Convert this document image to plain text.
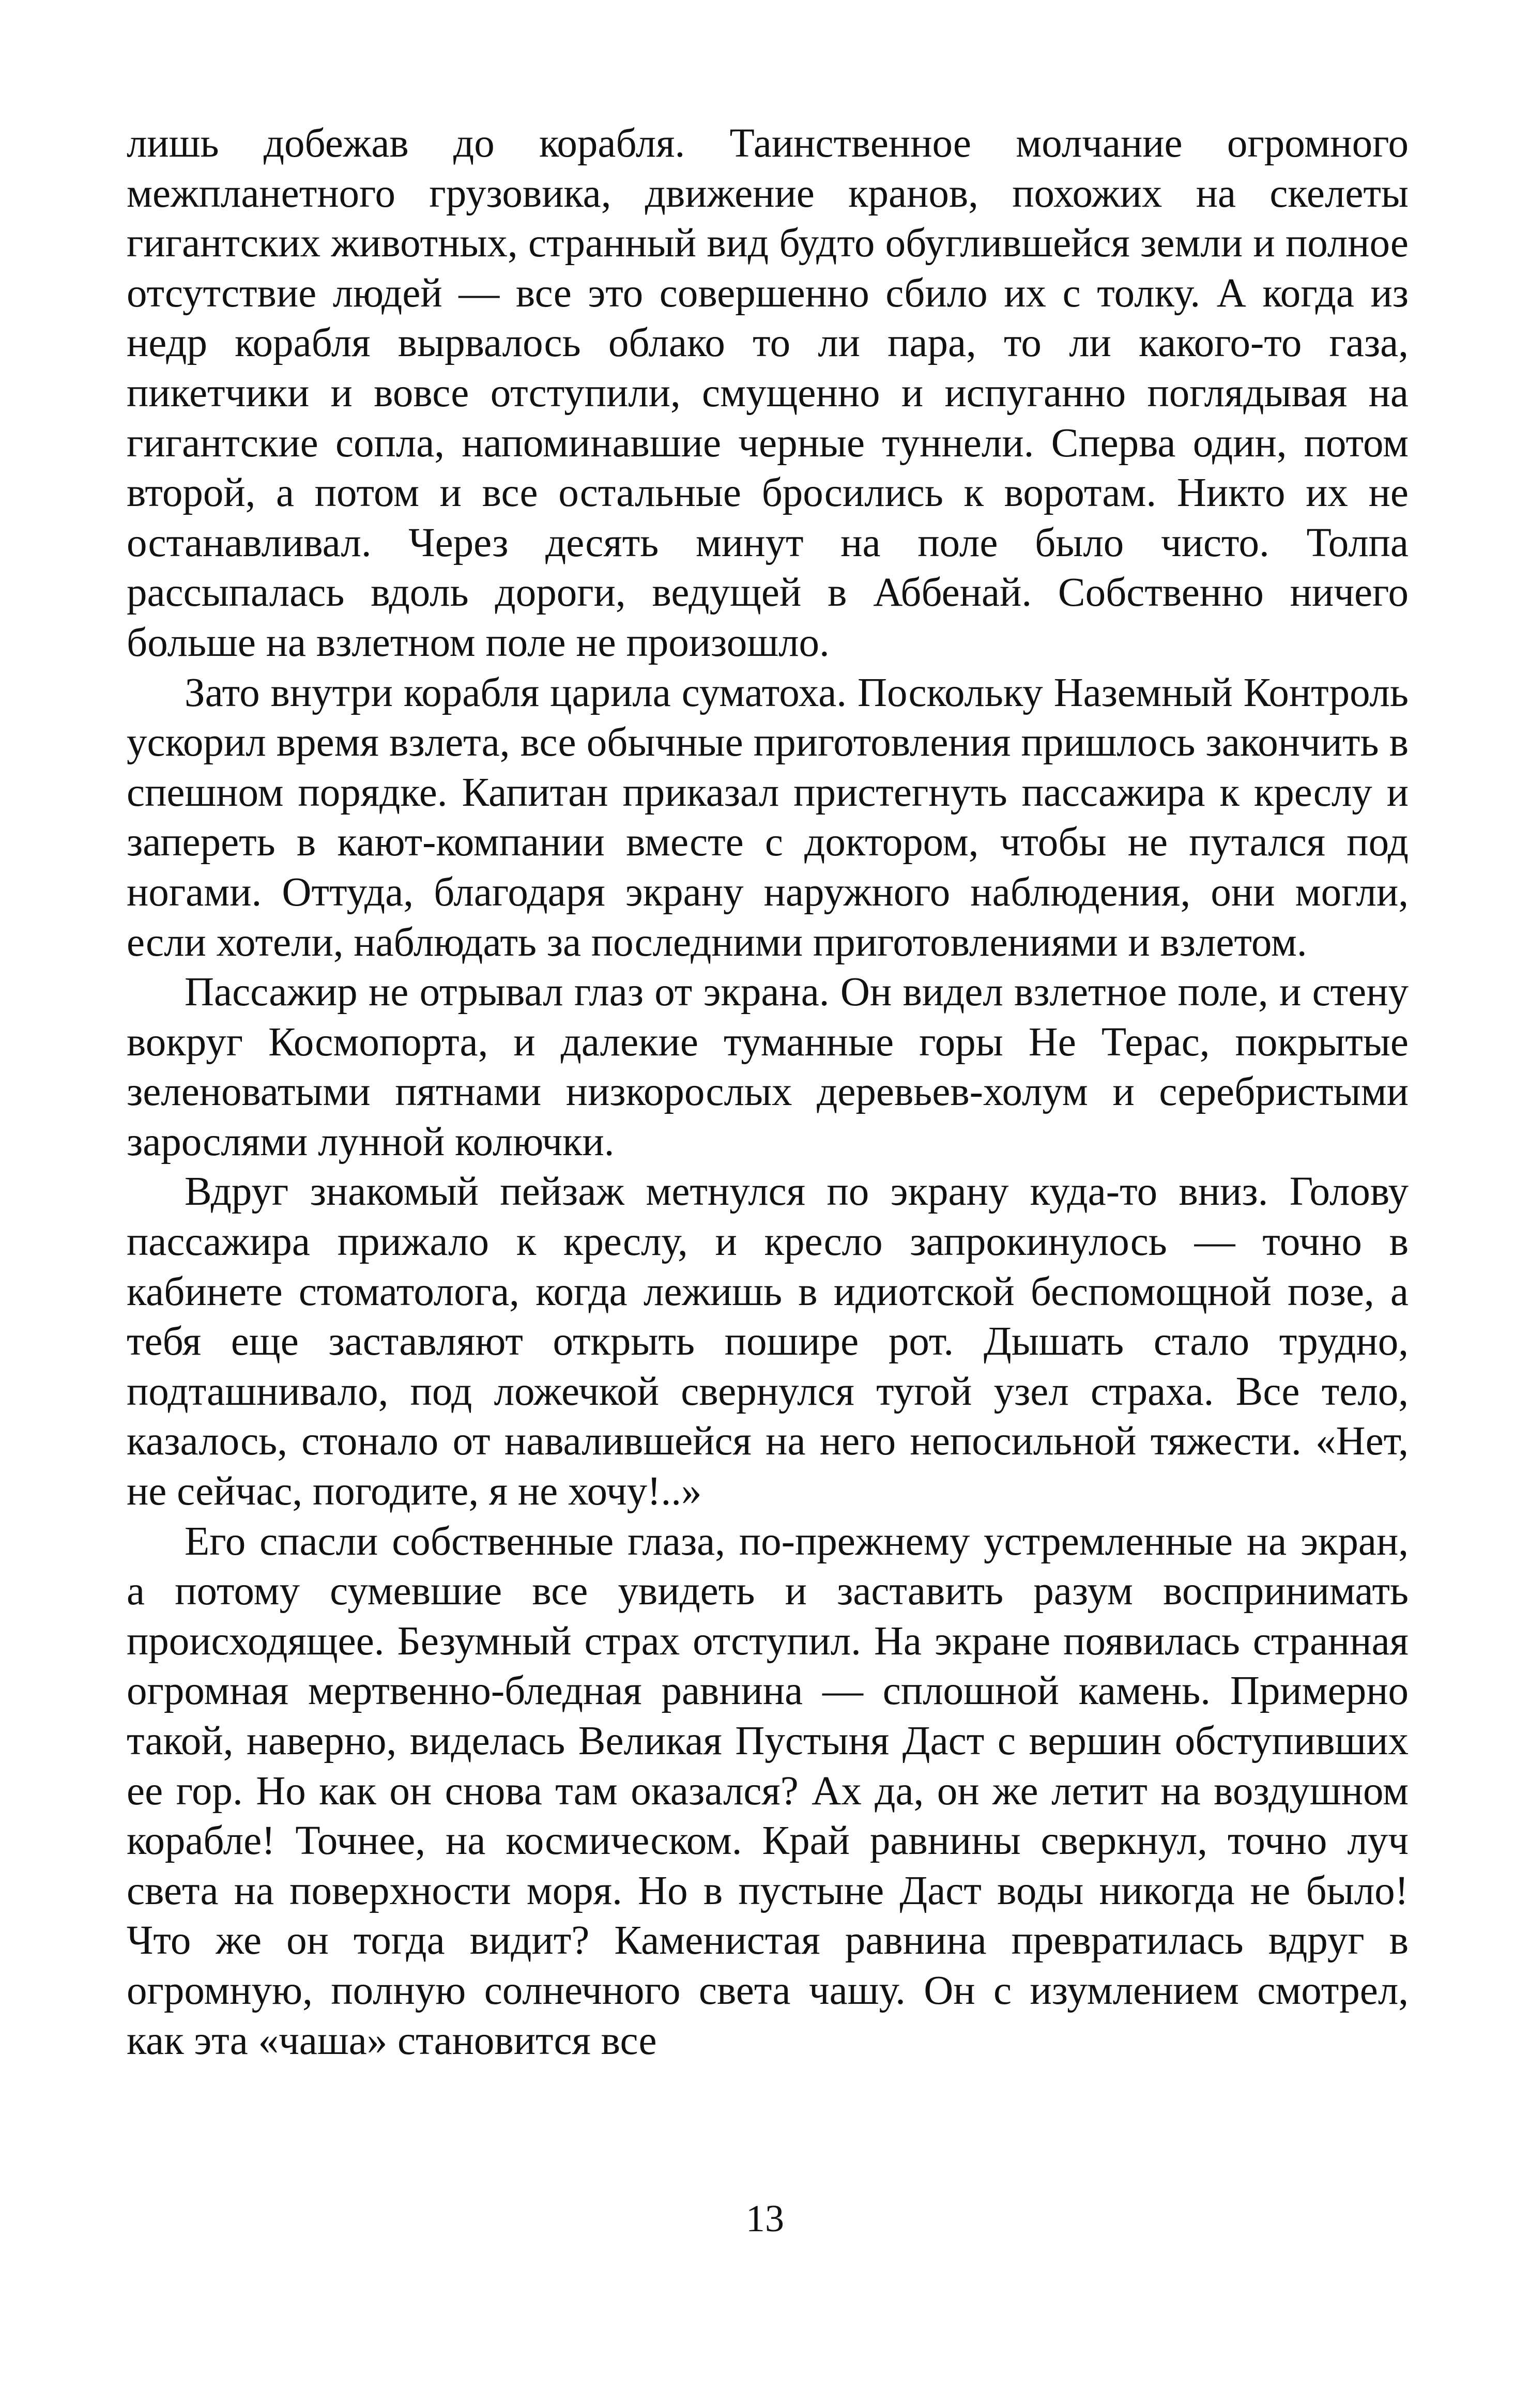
лишь добежав до корабля. Таинственное молчание огромного межпланетного грузовика, движение кранов, похожих на скелеты гигантских животных, странный вид будто обуглившейся земли и полное отсутствие людей — все это совершенно сбило их с толку. А когда из недр корабля вырвалось облако то ли пара, то ли какого-то газа, пикетчики и вовсе отступили, смущенно и испуганно поглядывая на гигантские сопла, напоминавшие черные туннели. Сперва один, потом второй, а потом и все остальные бросились к воротам. Никто их не останавливал. Через десять минут на поле было чисто. Толпа рассыпалась вдоль дороги, ведущей в Аббенай. Собственно ничего больше на взлетном поле не произошло.

Зато внутри корабля царила суматоха. Поскольку Наземный Контроль ускорил время взлета, все обычные приготовления пришлось закончить в спешном порядке. Капитан приказал пристегнуть пассажира к креслу и запереть в кают-компании вместе с доктором, чтобы не путался под ногами. Оттуда, благодаря экрану наружного наблюдения, они могли, если хотели, наблюдать за последними приготовлениями и взлетом.

Пассажир не отрывал глаз от экрана. Он видел взлетное поле, и стену вокруг Космопорта, и далекие туманные горы Не Терас, покрытые зеленоватыми пятнами низкорослых деревьев-холум и серебристыми зарослями лунной колючки.

Вдруг знакомый пейзаж метнулся по экрану куда-то вниз. Голову пассажира прижало к креслу, и кресло запрокинулось — точно в кабинете стоматолога, когда лежишь в идиотской беспомощной позе, а тебя еще заставляют открыть пошире рот. Дышать стало трудно, подташнивало, под ложечкой свернулся тугой узел страха. Все тело, казалось, стонало от навалившейся на него непосильной тяжести. «Нет, не сейчас, погодите, я не хочу!..»

Его спасли собственные глаза, по-прежнему устремленные на экран, а потому сумевшие все увидеть и заставить разум воспринимать происходящее. Безумный страх отступил. На экране появилась странная огромная мертвенно-бледная равнина — сплошной камень. Примерно такой, наверно, виделась Великая Пустыня Даст с вершин обступивших ее гор. Но как он снова там оказался? Ах да, он же летит на воздушном корабле! Точнее, на космическом. Край равнины сверкнул, точно луч света на поверхности моря. Но в пустыне Даст воды никогда не было! Что же он тогда видит? Каменистая равнина превратилась вдруг в огромную, полную солнечного света чашу. Он с изумлением смотрел, как эта «чаша» становится все

13
